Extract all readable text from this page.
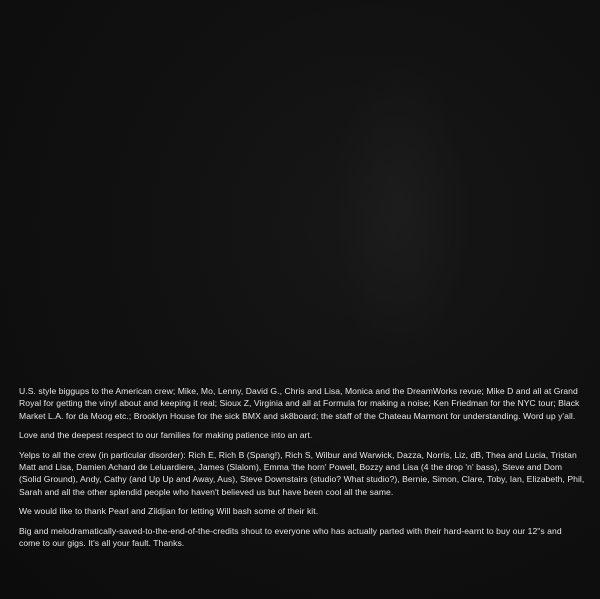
U.S. style biggups to the American crew; Mike, Mo, Lenny, David G., Chris and Lisa, Monica and the DreamWorks revue; Mike D and all at Grand Royal for getting the vinyl about and keeping it real; Sioux Z, Virginia and all at Formula for making a noise; Ken Friedman for the NYC tour; Black Market L.A. for da Moog etc.; Brooklyn House for the sick BMX and sk8board; the staff of the Chateau Marmont for understanding. Word up y'all.

Love and the deepest respect to our families for making patience into an art.

Yelps to all the crew (in particular disorder): Rich E, Rich B (Spang!), Rich S, Wilbur and Warwick, Dazza, Norris, Liz, dB, Thea and Lucia, Tristan Matt and Lisa, Damien Achard de Leluardiere, James (Slalom), Emma 'the horn' Powell, Bozzy and Lisa (4 the drop 'n' bass), Steve and Dom (Solid Ground), Andy, Cathy (and Up Up and Away, Aus), Steve Downstairs (studio? What studio?), Bernie, Simon, Clare, Toby, Ian, Elizabeth, Phil, Sarah and all the other splendid people who haven't believed us but have been cool all the same.

We would like to thank Pearl and Zildjian for letting Will bash some of their kit.

Big and melodramatically-saved-to-the-end-of-the-credits shout to everyone who has actually parted with their hard-earnt to buy our 12"s and come to our gigs. It's all your fault. Thanks.
